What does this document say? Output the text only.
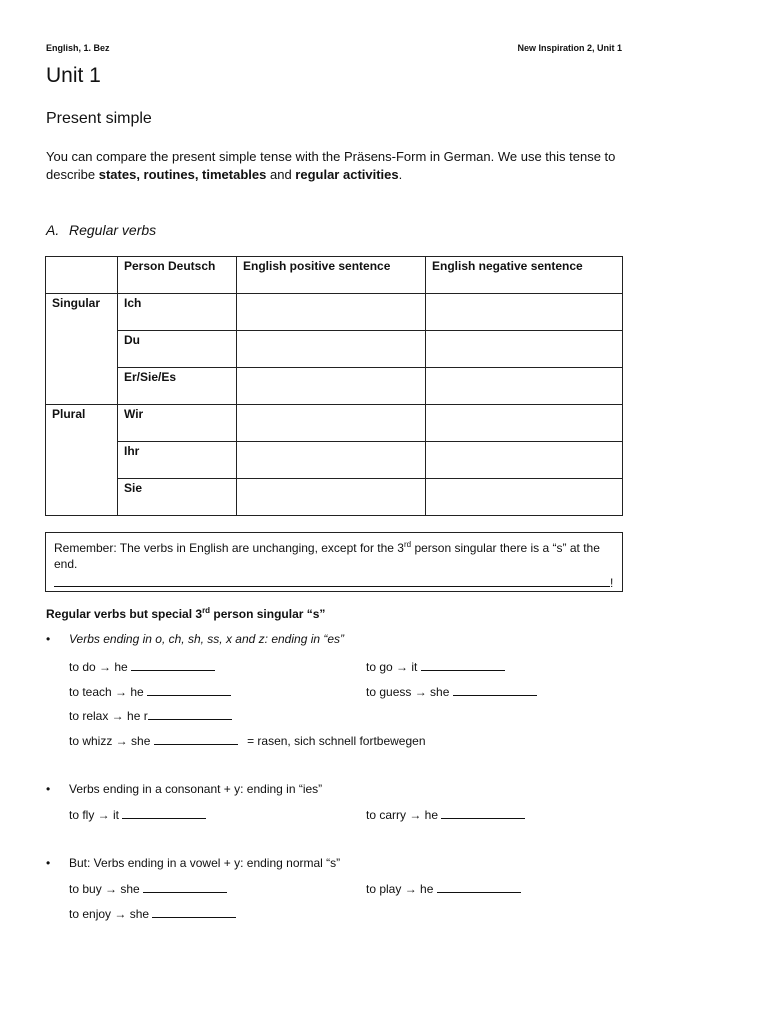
English, 1. Bez	New Inspiration 2, Unit 1
Unit 1
Present simple
You can compare the present simple tense with the Präsens-Form in German. We use this tense to describe states, routines, timetables and regular activities.
A. Regular verbs
	Person Deutsch	English positive sentence	English negative sentence
Singular	Ich		
	Du		
	Er/Sie/Es		
Plural	Wir		
	Ihr		
	Sie		
Remember: The verbs in English are unchanging, except for the 3rd person singular there is a “s” at the end.
!
Regular verbs but special 3rd person singular “s”
• Verbs ending in o, ch, sh, ss, x and z: ending in “es”
to do → he	to go → it
to teach → he	to guess → she
to relax → he r
to whizz → she	= rasen, sich schnell fortbewegen
• Verbs ending in a consonant + y: ending in “ies”
to fly → it	to carry → he
• But: Verbs ending in a vowel + y: ending normal “s”
to buy → she	to play → he
to enjoy → she
